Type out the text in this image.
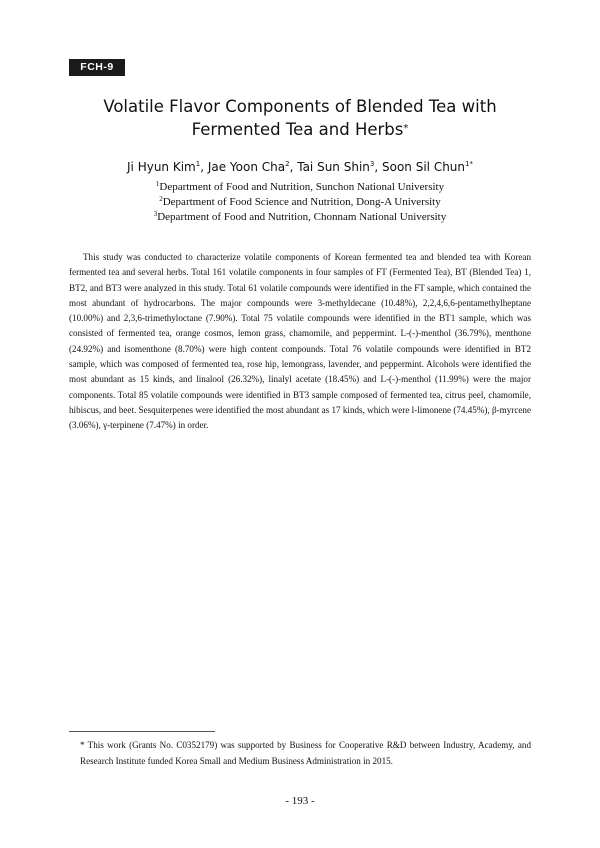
FCH-9
Volatile Flavor Components of Blended Tea with
Fermented Tea and Herbs*
Ji Hyun Kim$^1$, Jae Yoon Cha$^2$, Tai Sun Shin$^3$, Soon Sil Chun$^{1*}$
$^1$Department of Food and Nutrition, Sunchon National University
$^2$Department of Food Science and Nutrition, Dong-A University
$^3$Department of Food and Nutrition, Chonnam National University

This study was conducted to characterize volatile components of Korean fermented tea and blended tea with Korean fermented tea and several herbs. Total 161 volatile components in four samples of FT (Fermented Tea), BT (Blended Tea) 1, BT2, and BT3 were analyzed in this study. Total 61 volatile compounds were identified in the FT sample, which contained the most abundant of hydrocarbons. The major compounds were 3-methyldecane (10.48%), 2,2,4,6,6-pentamethylheptane (10.00%) and 2,3,6-trimethyloctane (7.90%). Total 75 volatile compounds were identified in the BT1 sample, which was consisted of fermented tea, orange cosmos, lemon grass, chamomile, and peppermint. L-(-)-menthol (36.79%), menthone (24.92%) and isomenthone (8.70%) were high content compounds. Total 76 volatile compounds were identified in BT2 sample, which was composed of fermented tea, rose hip, lemongrass, lavender, and peppermint. Alcohols were identified the most abundant as 15 kinds, and linalool (26.32%), linalyl acetate (18.45%) and L-(-)-menthol (11.99%) were the major components. Total 85 volatile compounds were identified in BT3 sample composed of fermented tea, citrus peel, chamomile, hibiscus, and beet. Sesquiterpenes were identified the most abundant as 17 kinds, which were l-limonene (74.45%), β-myrcene (3.06%), γ-terpinene (7.47%) in order.

* This work (Grants No. C0352179) was supported by Business for Cooperative R&D between Industry, Academy, and Research Institute funded Korea Small and Medium Business Administration in 2015.

- 193 -
